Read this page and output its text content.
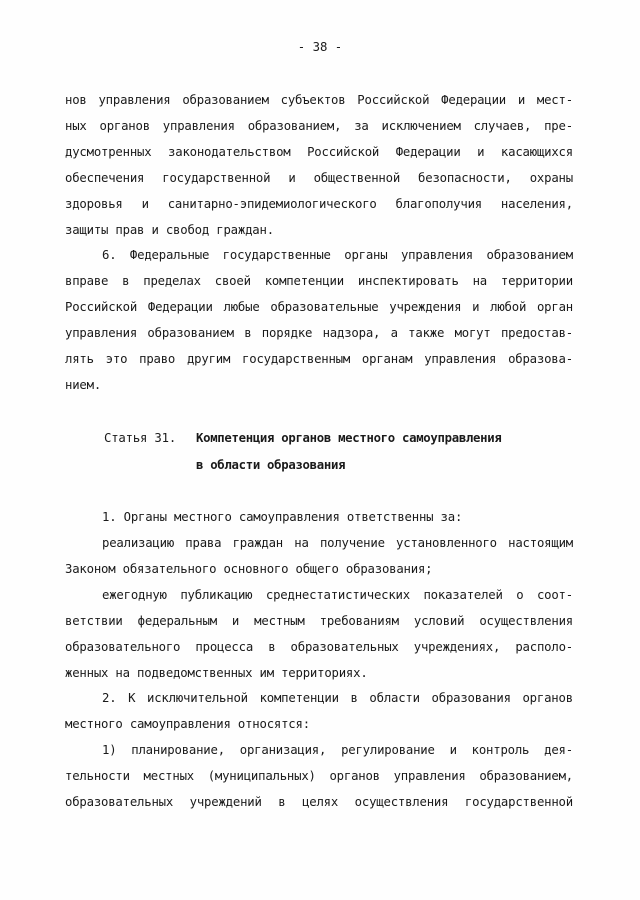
- 38 -
нов управления образованием субъектов Российской Федерации и мест-
ных органов управления образованием, за исключением случаев, пре-
дусмотренных законодательством Российской Федерации и касающихся
обеспечения государственной и общественной безопасности, охраны
здоровья и санитарно-эпидемиологического благополучия населения,
защиты прав и свобод граждан.
6. Федеральные государственные органы управления образованием
вправе в пределах своей компетенции инспектировать на территории
Российской Федерации любые образовательные учреждения и любой орган
управления образованием в порядке надзора, а также могут предостав-
лять это право другим государственным органам управления образова-
нием.
Статья 31. Компетенция органов местного самоуправления
в области образования
1. Органы местного самоуправления ответственны за:
реализацию права граждан на получение установленного настоящим
Законом обязательного основного общего образования;
ежегодную публикацию среднестатистических показателей о соот-
ветствии федеральным и местным требованиям условий осуществления
образовательного процесса в образовательных учреждениях, располо-
женных на подведомственных им территориях.
2. К исключительной компетенции в области образования органов
местного самоуправления относятся:
1) планирование, организация, регулирование и контроль дея-
тельности местных (муниципальных) органов управления образованием,
образовательных учреждений в целях осуществления государственной
